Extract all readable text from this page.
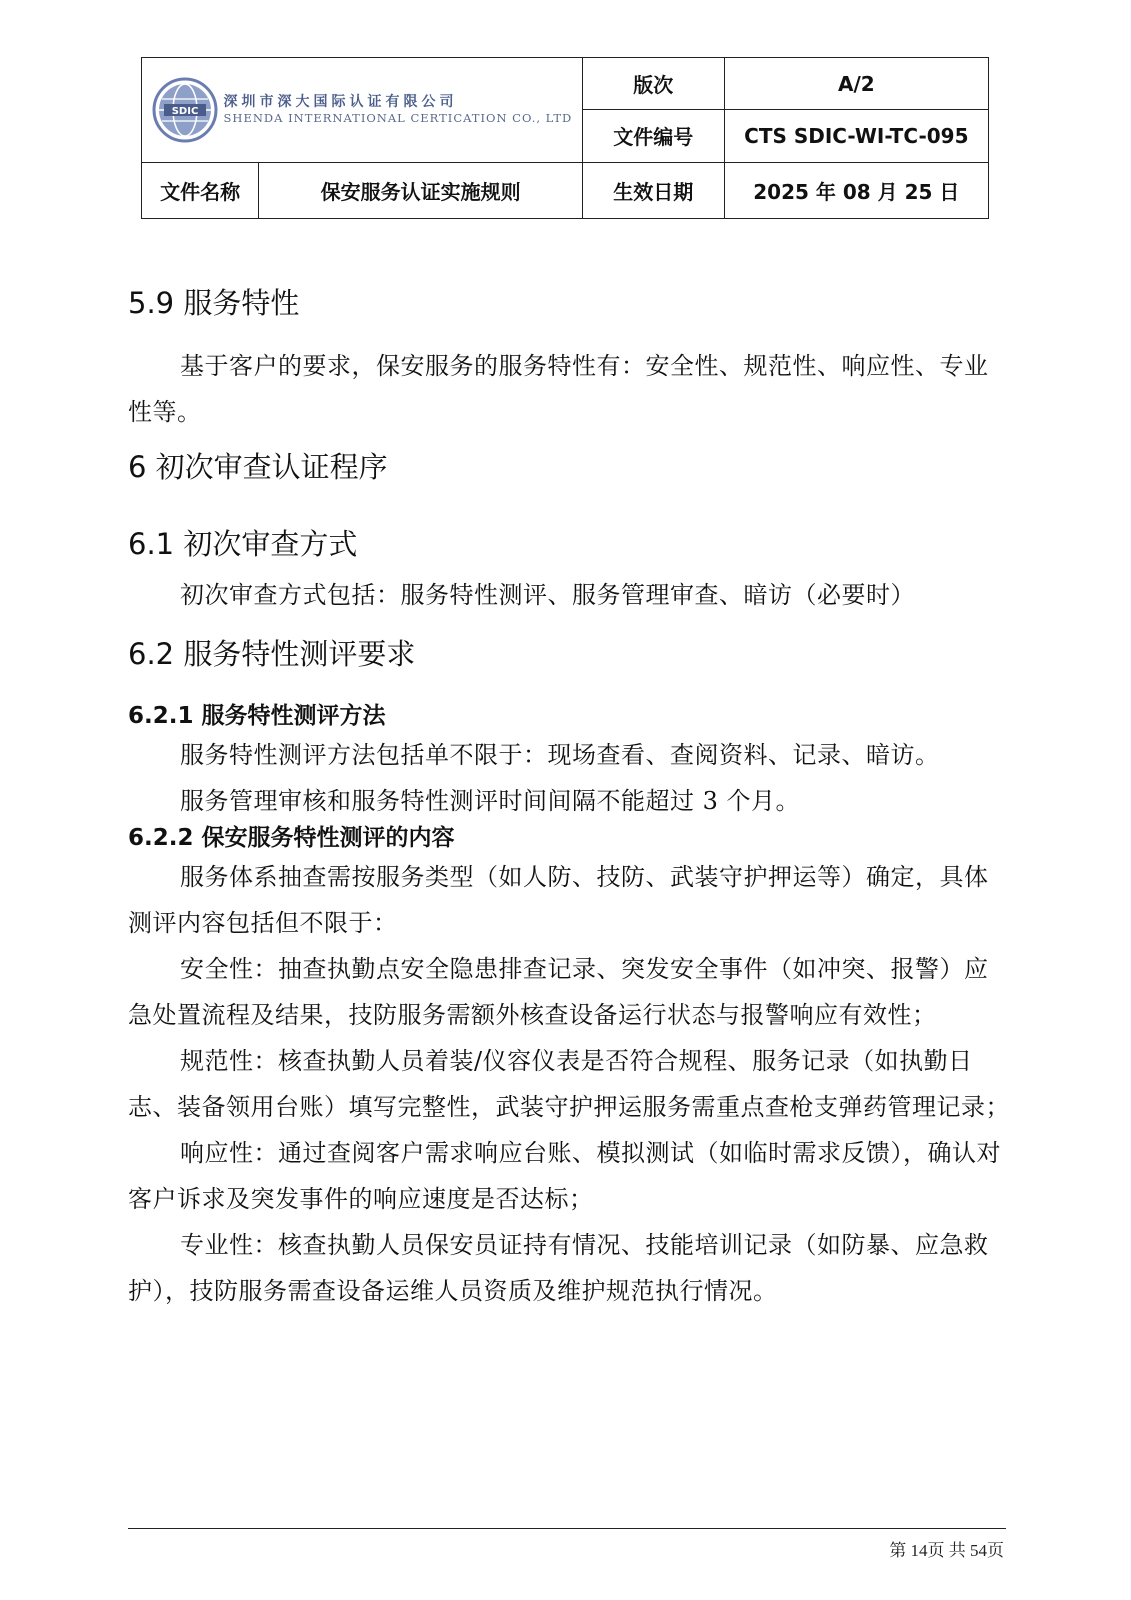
SDIC
深圳市深大国际认证有限公司
SHENDA INTERNATIONAL CERTICATION CO., LTD		版次	A/2
		文件编号	CTS SDIC-WI-TC-095
文件名称	保安服务认证实施规则	生效日期	2025 年 08 月 25 日
5.9 服务特性

基于客户的要求，保安服务的服务特性有：安全性、规范性、响应性、专业性等。

6 初次审查认证程序
6.1 初次审查方式

初次审查方式包括：服务特性测评、服务管理审查、暗访（必要时）

6.2 服务特性测评要求
6.2.1 服务特性测评方法

服务特性测评方法包括单不限于：现场查看、查阅资料、记录、暗访。

服务管理审核和服务特性测评时间间隔不能超过 3 个月。

6.2.2 保安服务特性测评的内容

服务体系抽查需按服务类型（如人防、技防、武装守护押运等）确定，具体测评内容包括但不限于：

安全性：抽查执勤点安全隐患排查记录、突发安全事件（如冲突、报警）应急处置流程及结果，技防服务需额外核查设备运行状态与报警响应有效性；

规范性：核查执勤人员着装/仪容仪表是否符合规程、服务记录（如执勤日志、装备领用台账）填写完整性，武装守护押运服务需重点查枪支弹药管理记录；

响应性：通过查阅客户需求响应台账、模拟测试（如临时需求反馈），确认对客户诉求及突发事件的响应速度是否达标；

专业性：核查执勤人员保安员证持有情况、技能培训记录（如防暴、应急救护），技防服务需查设备运维人员资质及维护规范执行情况。

第 14页 共 54页
